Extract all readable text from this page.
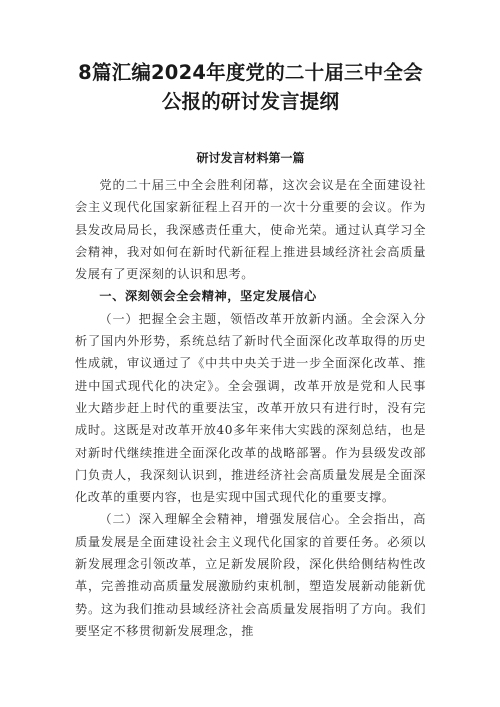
8篇汇编2024年度党的二十届三中全会公报的研讨发言提纲
研讨发言材料第一篇

党的二十届三中全会胜利闭幕，这次会议是在全面建设社会主义现代化国家新征程上召开的一次十分重要的会议。作为县发改局局长，我深感责任重大，使命光荣。通过认真学习全会精神，我对如何在新时代新征程上推进县域经济社会高质量发展有了更深刻的认识和思考。

一、深刻领会全会精神，坚定发展信心

（一）把握全会主题，领悟改革开放新内涵。全会深入分析了国内外形势，系统总结了新时代全面深化改革取得的历史性成就，审议通过了《中共中央关于进一步全面深化改革、推进中国式现代化的决定》。全会强调，改革开放是党和人民事业大踏步赶上时代的重要法宝，改革开放只有进行时，没有完成时。这既是对改革开放40多年来伟大实践的深刻总结，也是对新时代继续推进全面深化改革的战略部署。作为县级发改部门负责人，我深刻认识到，推进经济社会高质量发展是全面深化改革的重要内容，也是实现中国式现代化的重要支撑。

（二）深入理解全会精神，增强发展信心。全会指出，高质量发展是全面建设社会主义现代化国家的首要任务。必须以新发展理念引领改革，立足新发展阶段，深化供给侧结构性改革，完善推动高质量发展激励约束机制，塑造发展新动能新优势。这为我们推动县域经济社会高质量发展指明了方向。我们要坚定不移贯彻新发展理念，推
